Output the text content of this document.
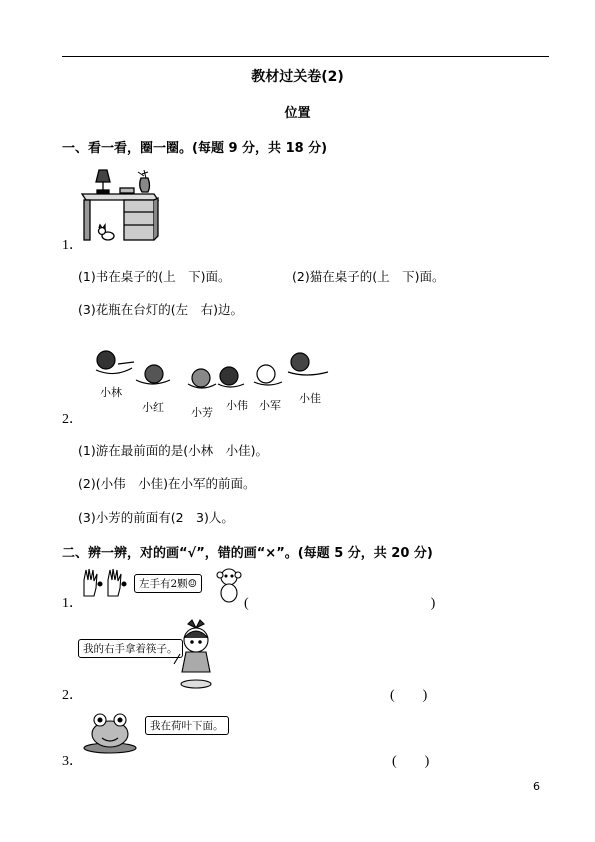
教材过关卷(2)
位置
一、看一看，圈一圈。(每题 9 分，共 18 分)
1．
(1)书在桌子的(上　下)面。	(2)猫在桌子的(上　下)面。
(3)花瓶在台灯的(左　右)边。
小林
小红 小芳
小伟 小军
小佳
2．
(1)游在最前面的是(小林　小佳)。
(2)(小伟　小佳)在小军的前面。
(3)小芳的前面有(2　3)人。
二、辨一辨，对的画“√”，错的画“×”。(每题 5 分，共 20 分)
左手有2颗☺
1．	(　　　　　　　　　　　　　)
我的右手拿着筷子。
2．	(　　)
我在荷叶下面。
3．	(　　)
6
